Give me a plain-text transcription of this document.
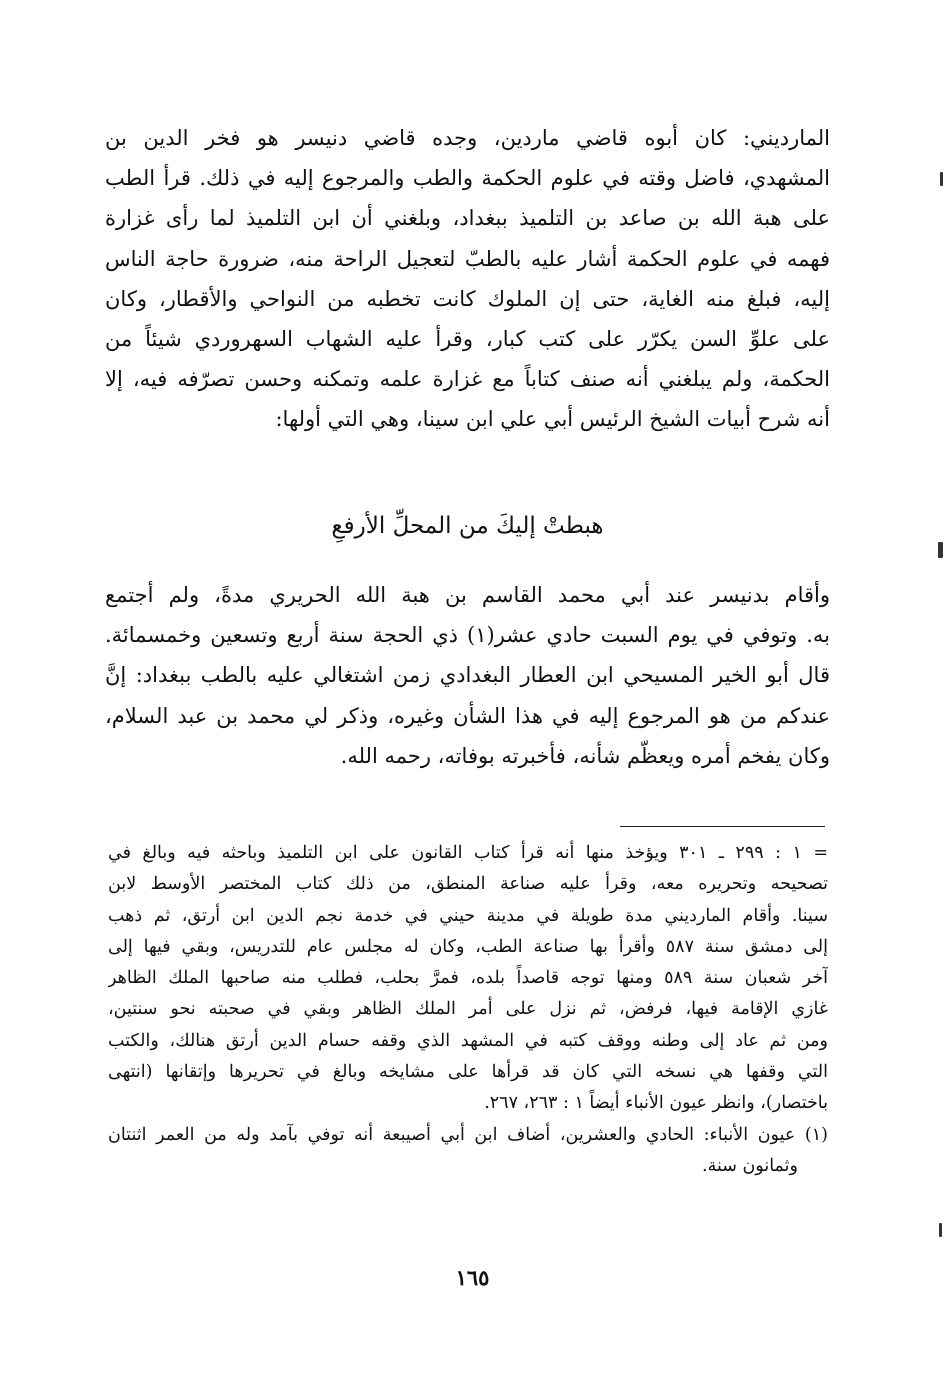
المارديني: كان أبوه قاضي ماردين، وجده قاضي دنيسر هو فخر الدين بن
المشهدي، فاضل وقته في علوم الحكمة والطب والمرجوع إليه في ذلك. قرأ الطب
على هبة الله بن صاعد بن التلميذ ببغداد، وبلغني أن ابن التلميذ لما رأى غزارة
فهمه في علوم الحكمة أشار عليه بالطبّ لتعجيل الراحة منه، ضرورة حاجة الناس
إليه، فبلغ منه الغاية، حتى إن الملوك كانت تخطبه من النواحي والأقطار، وكان
على علوِّ السن يكرّر على كتب كبار، وقرأ عليه الشهاب السهروردي شيئاً من
الحكمة، ولم يبلغني أنه صنف كتاباً مع غزارة علمه وتمكنه وحسن تصرّفه فيه، إلا
أنه شرح أبيات الشيخ الرئيس أبي علي ابن سينا، وهي التي أولها:
هبطتْ إليكَ من المحلِّ الأرفعِ
وأقام بدنيسر عند أبي محمد القاسم بن هبة الله الحريري مدةً، ولم أجتمع
به. وتوفي في يوم السبت حادي عشر(١) ذي الحجة سنة أربع وتسعين وخمسمائة.
قال أبو الخير المسيحي ابن العطار البغدادي زمن اشتغالي عليه بالطب ببغداد: إنَّ
عندكم من هو المرجوع إليه في هذا الشأن وغيره، وذكر لي محمد بن عبد السلام،
وكان يفخم أمره ويعظّم شأنه، فأخبرته بوفاته، رحمه الله.
= ١ : ٢٩٩ ـ ٣٠١ ويؤخذ منها أنه قرأ كتاب القانون على ابن التلميذ وباحثه فيه وبالغ في
تصحيحه وتحريره معه، وقرأ عليه صناعة المنطق، من ذلك كتاب المختصر الأوسط لابن
سينا. وأقام المارديني مدة طويلة في مدينة حيني في خدمة نجم الدين ابن أرتق، ثم ذهب
إلى دمشق سنة ٥٨٧ وأقرأ بها صناعة الطب، وكان له مجلس عام للتدريس، وبقي فيها إلى
آخر شعبان سنة ٥٨٩ ومنها توجه قاصداً بلده، فمرَّ بحلب، فطلب منه صاحبها الملك الظاهر
غازي الإقامة فيها، فرفض، ثم نزل على أمر الملك الظاهر وبقي في صحبته نحو سنتين،
ومن ثم عاد إلى وطنه ووقف كتبه في المشهد الذي وقفه حسام الدين أرتق هنالك، والكتب
التي وقفها هي نسخه التي كان قد قرأها على مشايخه وبالغ في تحريرها وإتقانها (انتهى
باختصار)، وانظر عيون الأنباء أيضاً ١ : ٢٦٣، ٢٦٧.
(١) عيون الأنباء: الحادي والعشرين، أضاف ابن أبي أصيبعة أنه توفي بآمد وله من العمر اثنتان
وثمانون سنة.
١٦٥
